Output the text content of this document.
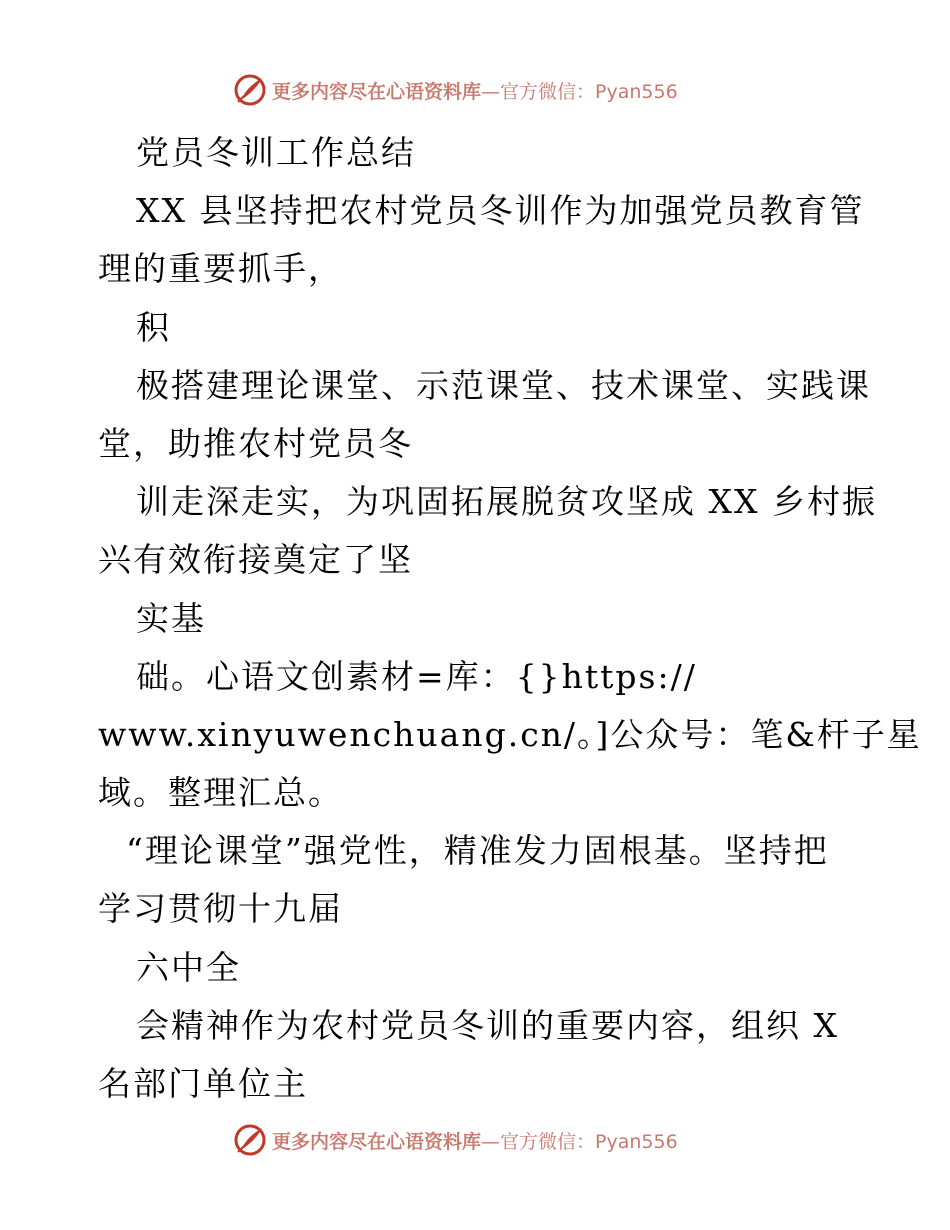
更多内容尽在心语资料库 —官方微信：Pyan556
党员冬训工作总结
XX 县坚持把农村党员冬训作为加强党员教育管
理的重要抓手，
积
极搭建理论课堂、示范课堂、技术课堂、实践课
堂，助推农村党员冬
训走深走实，为巩固拓展脱贫攻坚成 XX 乡村振
兴有效衔接奠定了坚
实基
础。心语文创素材=库：{}https://
www.xinyuwenchuang.cn/。]公众号：笔&杆子星
域。整理汇总。
“理论课堂”强党性，精准发力固根基。坚持把
学习贯彻十九届
六中全
会精神作为农村党员冬训的重要内容，组织 X
名部门单位主
更多内容尽在心语资料库 —官方微信：Pyan556
